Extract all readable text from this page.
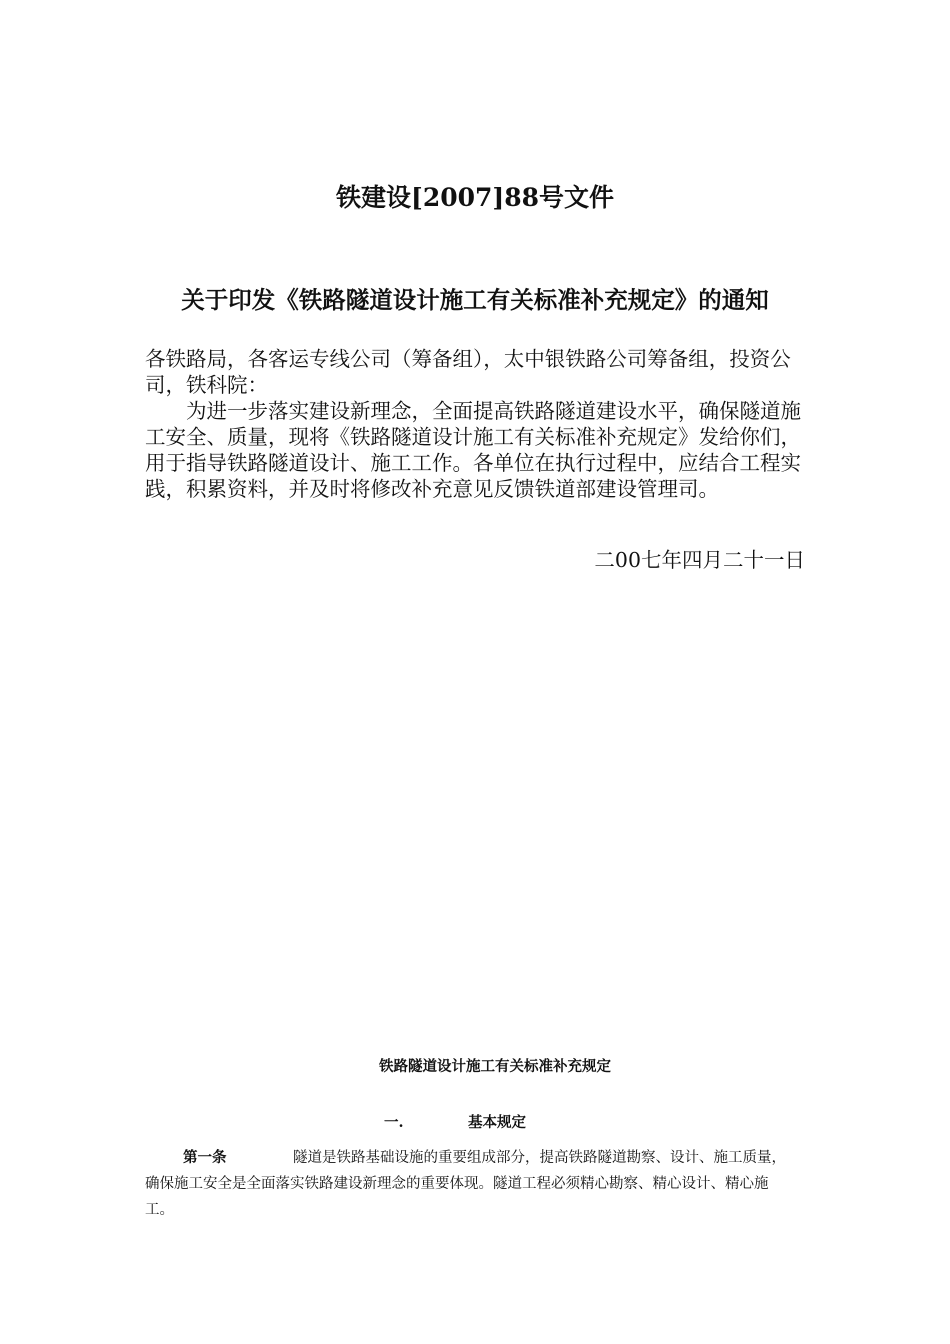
铁建设[2007]88号文件
关于印发《铁路隧道设计施工有关标准补充规定》的通知
各铁路局，各客运专线公司（筹备组），太中银铁路公司筹备组，投资公司，铁科院：
为进一步落实建设新理念，全面提高铁路隧道建设水平，确保隧道施工安全、质量，现将《铁路隧道设计施工有关标准补充规定》发给你们，用于指导铁路隧道设计、施工工作。各单位在执行过程中，应结合工程实践，积累资料，并及时将修改补充意见反馈铁道部建设管理司。
二00七年四月二十一日
铁路隧道设计施工有关标准补充规定
一.	基本规定
第一条	隧道是铁路基础设施的重要组成部分，提高铁路隧道勘察、设计、施工质量，确保施工安全是全面落实铁路建设新理念的重要体现。隧道工程必须精心勘察、精心设计、精心施工。
